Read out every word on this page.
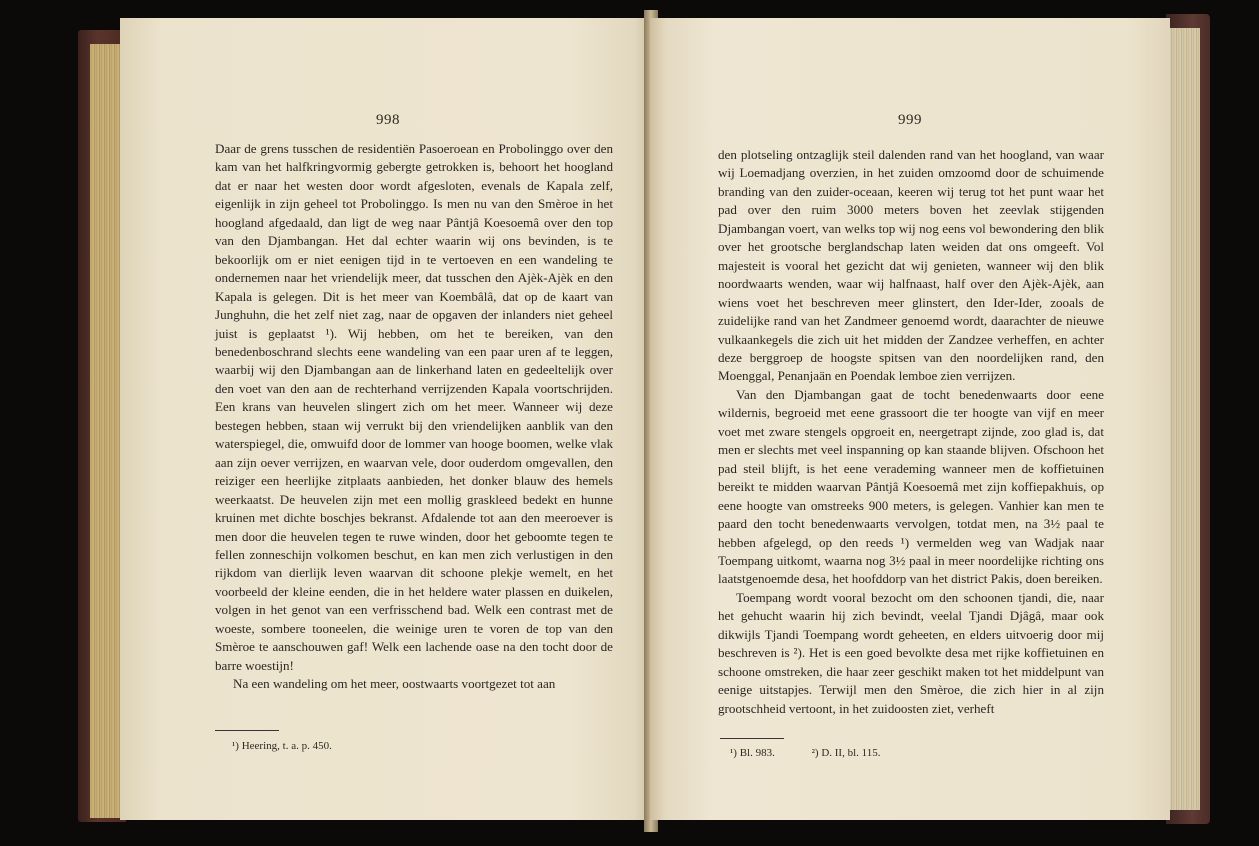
998

Daar de grens tusschen de residentiën Pasoeroean en Probolinggo over den kam van het halfkringvormig gebergte getrokken is, behoort het hoogland dat er naar het westen door wordt afgesloten, evenals de Kapala zelf, eigenlijk in zijn geheel tot Probolinggo. Is men nu van den Smèroe in het hoogland afgedaald, dan ligt de weg naar Pântjâ Koesoemâ over den top van den Djambangan. Het dal echter waarin wij ons bevinden, is te bekoorlijk om er niet eenigen tijd in te vertoeven en een wandeling te ondernemen naar het vriendelijk meer, dat tusschen den Ajèk-Ajèk en den Kapala is gelegen. Dit is het meer van Koembâlâ, dat op de kaart van Junghuhn, die het zelf niet zag, naar de opgaven der inlanders niet geheel juist is geplaatst ¹). Wij hebben, om het te bereiken, van den benedenboschrand slechts eene wandeling van een paar uren af te leggen, waarbij wij den Djambangan aan de linkerhand laten en gedeeltelijk over den voet van den aan de rechterhand verrijzenden Kapala voortschrijden. Een krans van heuvelen slingert zich om het meer. Wanneer wij deze bestegen hebben, staan wij verrukt bij den vriendelijken aanblik van den waterspiegel, die, omwuifd door de lommer van hooge boomen, welke vlak aan zijn oever verrijzen, en waarvan vele, door ouderdom omgevallen, den reiziger een heerlijke zitplaats aanbieden, het donker blauw des hemels weerkaatst. De heuvelen zijn met een mollig graskleed bedekt en hunne kruinen met dichte boschjes bekranst. Afdalende tot aan den meeroever is men door die heuvelen tegen te ruwe winden, door het geboomte tegen te fellen zonneschijn volkomen beschut, en kan men zich verlustigen in den rijkdom van dierlijk leven waarvan dit schoone plekje wemelt, en het voorbeeld der kleine eenden, die in het heldere water plassen en duikelen, volgen in het genot van een verfrisschend bad. Welk een contrast met de woeste, sombere tooneelen, die weinige uren te voren de top van den Smèroe te aanschouwen gaf! Welk een lachende oase na den tocht door de barre woestijn!

Na een wandeling om het meer, oostwaarts voortgezet tot aan

¹) Heering, t. a. p. 450.
999

den plotseling ontzaglijk steil dalenden rand van het hoogland, van waar wij Loemadjang overzien, in het zuiden omzoomd door de schuimende branding van den zuider-oceaan, keeren wij terug tot het punt waar het pad over den ruim 3000 meters boven het zeevlak stijgenden Djambangan voert, van welks top wij nog eens vol bewondering den blik over het grootsche berglandschap laten weiden dat ons omgeeft. Vol majesteit is vooral het gezicht dat wij genieten, wanneer wij den blik noordwaarts wenden, waar wij halfnaast, half over den Ajèk-Ajèk, aan wiens voet het beschreven meer glinstert, den Ider-Ider, zooals de zuidelijke rand van het Zandmeer genoemd wordt, daarachter de nieuwe vulkaankegels die zich uit het midden der Zandzee verheffen, en achter deze berggroep de hoogste spitsen van den noordelijken rand, den Moenggal, Penanjaän en Poendak lemboe zien verrijzen.

Van den Djambangan gaat de tocht benedenwaarts door eene wildernis, begroeid met eene grassoort die ter hoogte van vijf en meer voet met zware stengels opgroeit en, neergetrapt zijnde, zoo glad is, dat men er slechts met veel inspanning op kan staande blijven. Ofschoon het pad steil blijft, is het eene verademing wanneer men de koffietuinen bereikt te midden waarvan Pântjâ Koesoemâ met zijn koffiepakhuis, op eene hoogte van omstreeks 900 meters, is gelegen. Vanhier kan men te paard den tocht benedenwaarts vervolgen, totdat men, na 3½ paal te hebben afgelegd, op den reeds ¹) vermelden weg van Wadjak naar Toempang uitkomt, waarna nog 3½ paal in meer noordelijke richting ons laatstgenoemde desa, het hoofddorp van het district Pakis, doen bereiken.

Toempang wordt vooral bezocht om den schoonen tjandi, die, naar het gehucht waarin hij zich bevindt, veelal Tjandi Djâgâ, maar ook dikwijls Tjandi Toempang wordt geheeten, en elders uitvoerig door mij beschreven is ²). Het is een goed bevolkte desa met rijke koffietuinen en schoone omstreken, die haar zeer geschikt maken tot het middelpunt van eenige uitstapjes. Terwijl men den Smèroe, die zich hier in al zijn grootschheid vertoont, in het zuidoosten ziet, verheft

¹) Bl. 983.	²) D. II, bl. 115.
